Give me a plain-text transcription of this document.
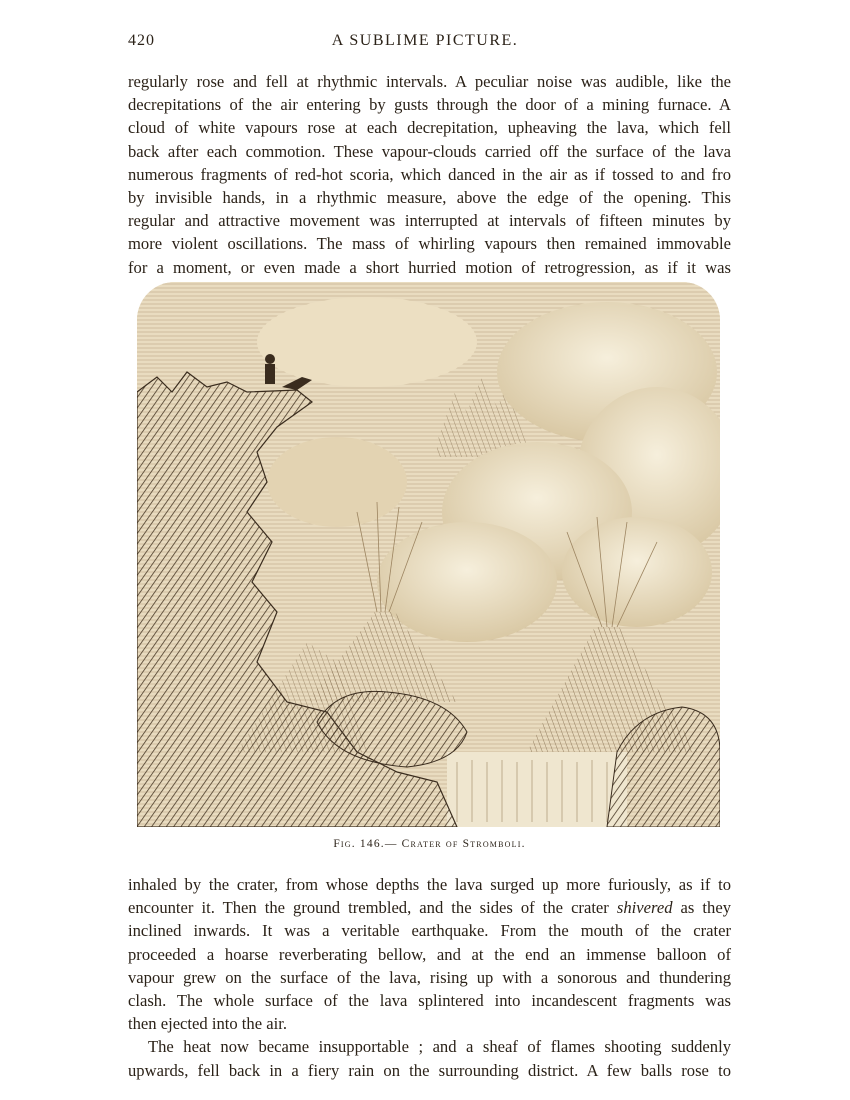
420	A SUBLIME PICTURE.

regularly rose and fell at rhythmic intervals. A peculiar noise was audible, like the

decrepitations of the air entering by gusts through the door of a mining furnace. A

cloud of white vapours rose at each decrepitation, upheaving the lava, which fell

back after each commotion. These vapour-clouds carried off the surface of the lava

numerous fragments of red-hot scoria, which danced in the air as if tossed to and fro

by invisible hands, in a rhythmic measure, above the edge of the opening. This

regular and attractive movement was interrupted at intervals of fifteen minutes by

more violent oscillations. The mass of whirling vapours then remained immovable

for a moment, or even made a short hurried motion of retrogression, as if it was

Fig. 146.— Crater of Stromboli.

inhaled by the crater, from whose depths the lava surged up more furiously, as if to

encounter it. Then the ground trembled, and the sides of the crater shivered as they

inclined inwards. It was a veritable earthquake. From the mouth of the crater

proceeded a hoarse reverberating bellow, and at the end an immense balloon of

vapour grew on the surface of the lava, rising up with a sonorous and thundering

clash. The whole surface of the lava splintered into incandescent fragments was

then ejected into the air.

The heat now became insupportable ; and a sheaf of flames shooting suddenly

upwards, fell back in a fiery rain on the surrounding district. A few balls rose to
